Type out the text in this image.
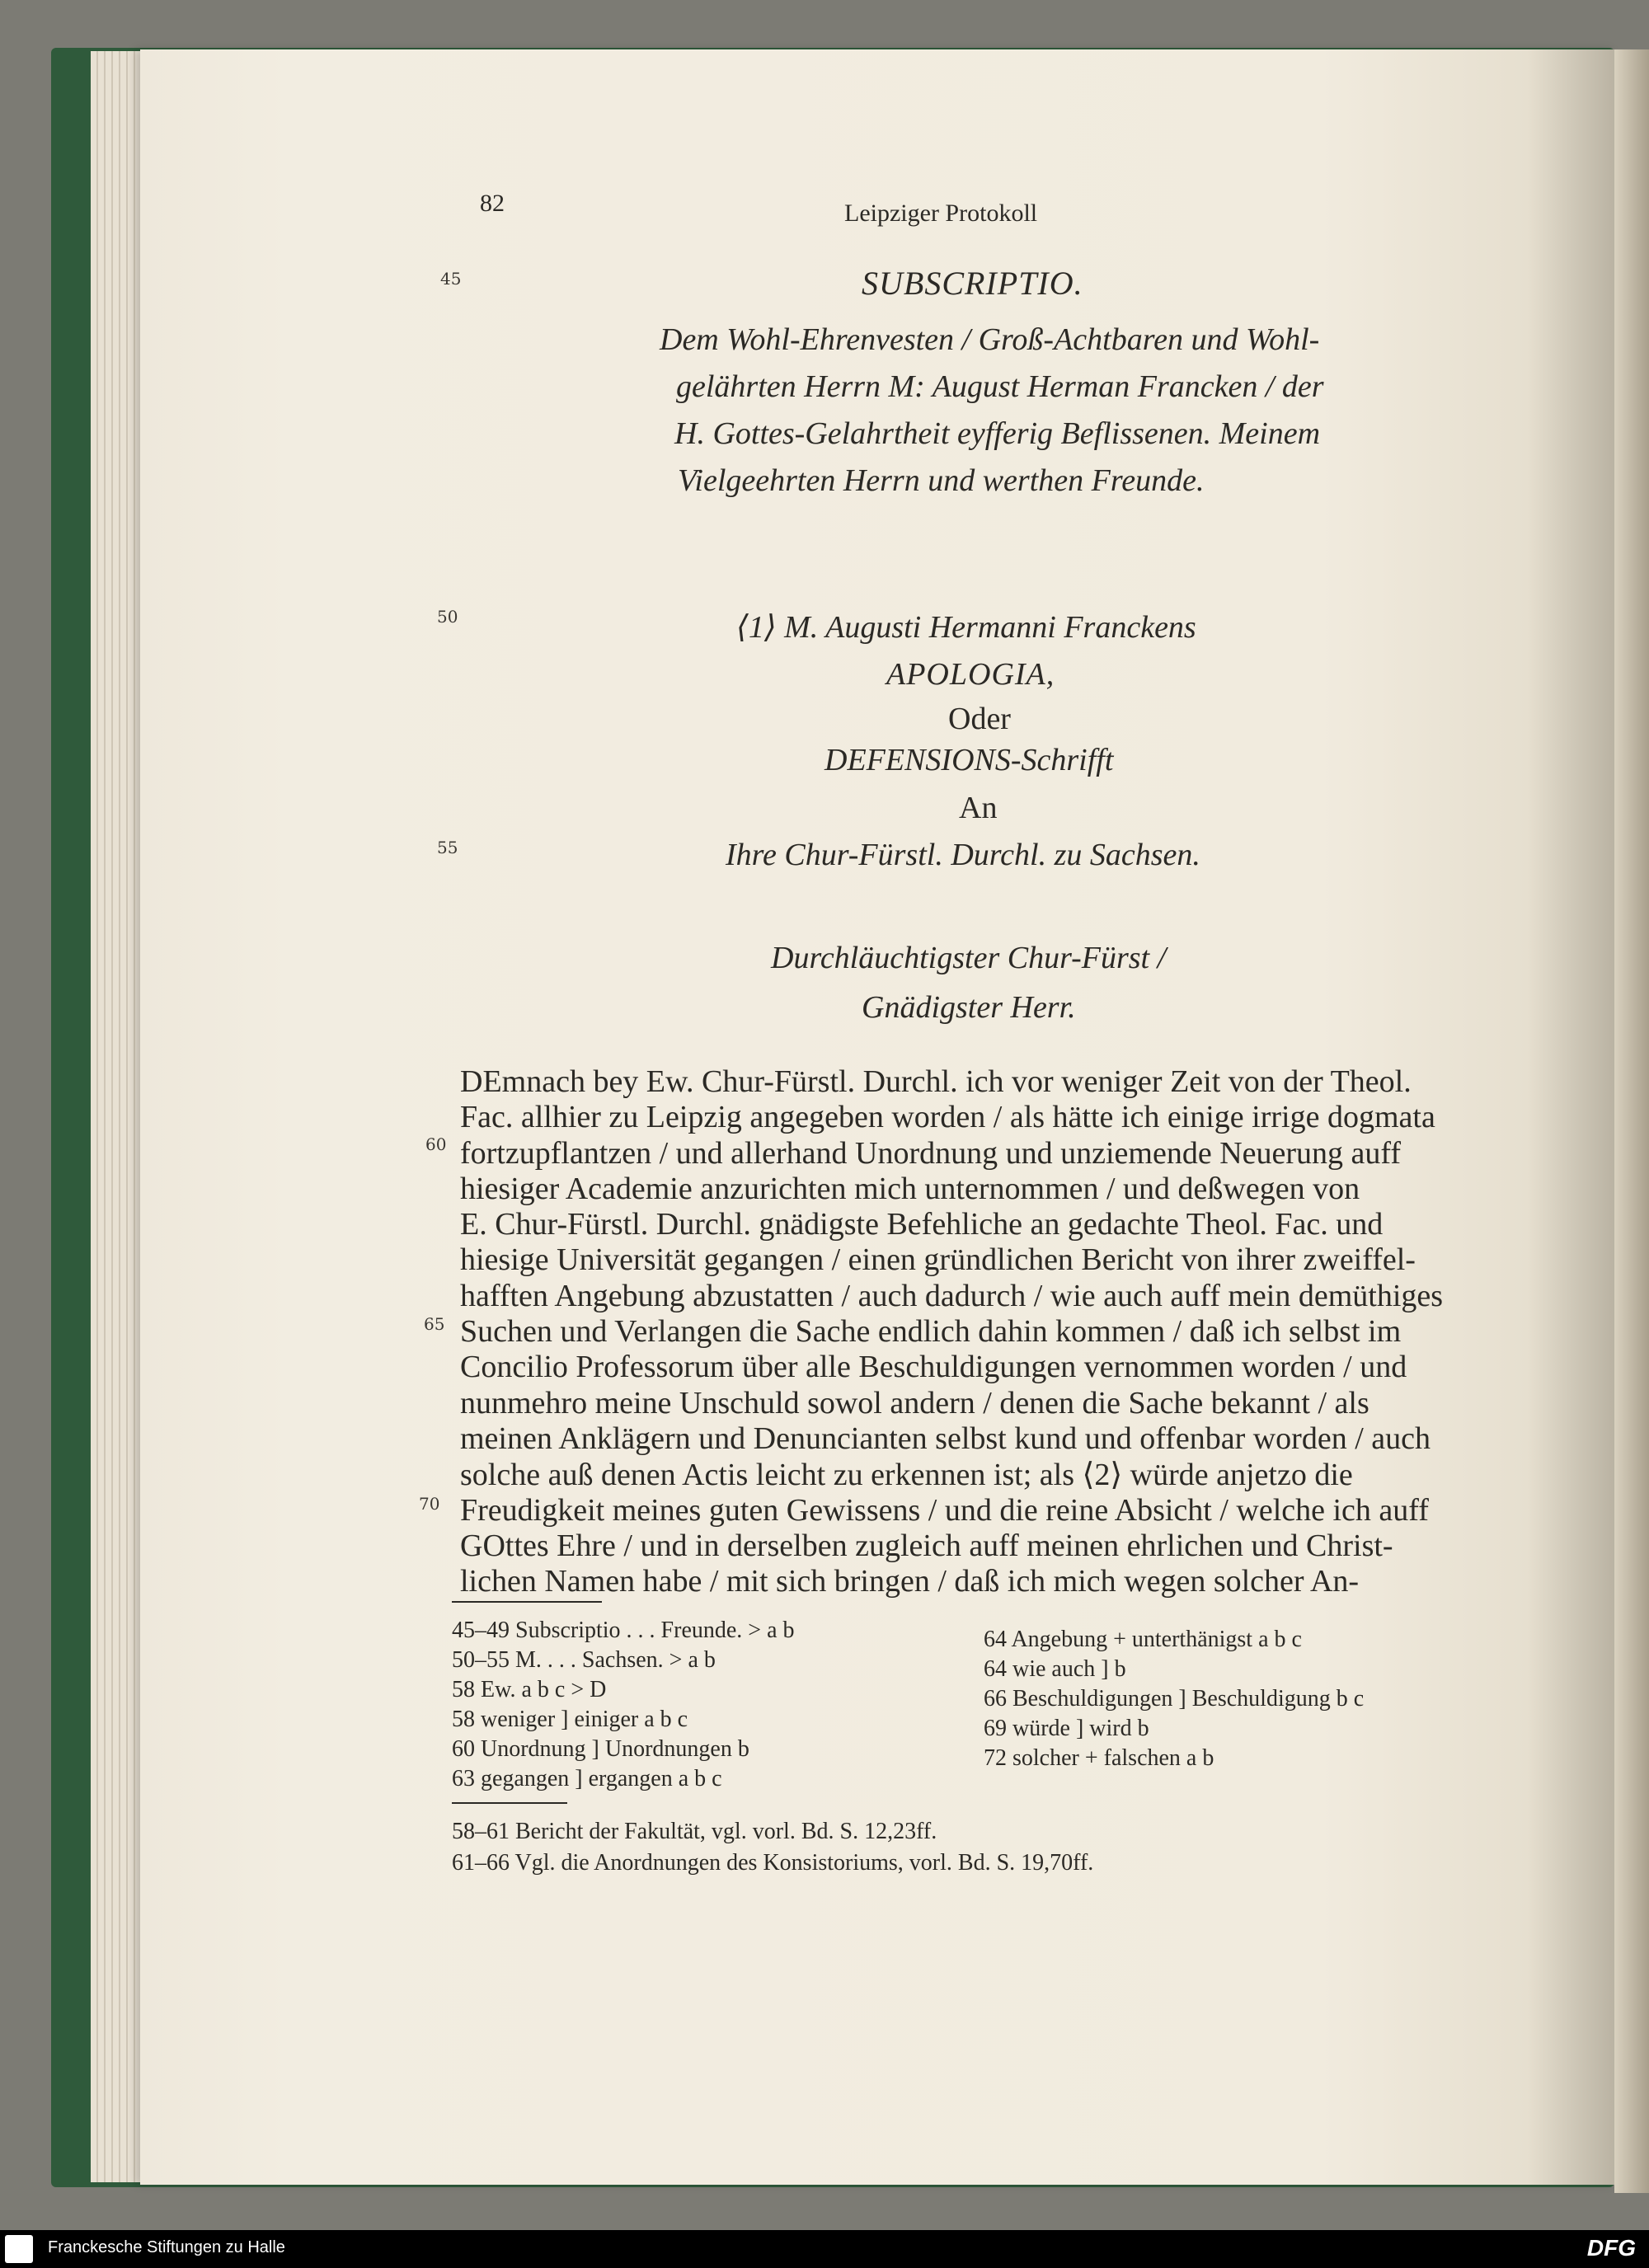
82	Leipziger Protokoll
45
50
55
60
65
70
SUBSCRIPTIO.
Dem Wohl-Ehrenvesten / Groß-Achtbaren und Wohl-
gelährten Herrn M: August Herman Francken / der
H. Gottes-Gelahrtheit eyfferig Beflissenen. Meinem
Vielgeehrten Herrn und werthen Freunde.
⟨1⟩ M. Augusti Hermanni Franckens
APOLOGIA,
Oder
DEFENSIONS-Schrifft
An
Ihre Chur-Fürstl. Durchl. zu Sachsen.
Durchläuchtigster Chur-Fürst /
Gnädigster Herr.
DEmnach bey Ew. Chur-Fürstl. Durchl. ich vor weniger Zeit von der Theol.
Fac. allhier zu Leipzig angegeben worden / als hätte ich einige irrige dogmata
fortzupflantzen / und allerhand Unordnung und unziemende Neuerung auff
hiesiger Academie anzurichten mich unternommen / und deßwegen von
E. Chur-Fürstl. Durchl. gnädigste Befehliche an gedachte Theol. Fac. und
hiesige Universität gegangen / einen gründlichen Bericht von ihrer zweiffel-
hafften Angebung abzustatten / auch dadurch / wie auch auff mein demüthiges
Suchen und Verlangen die Sache endlich dahin kommen / daß ich selbst im
Concilio Professorum über alle Beschuldigungen vernommen worden / und
nunmehro meine Unschuld sowol andern / denen die Sache bekannt / als
meinen Anklägern und Denuncianten selbst kund und offenbar worden / auch
solche auß denen Actis leicht zu erkennen ist; als ⟨2⟩ würde anjetzo die
Freudigkeit meines guten Gewissens / und die reine Absicht / welche ich auff
GOttes Ehre / und in derselben zugleich auff meinen ehrlichen und Christ-
lichen Namen habe / mit sich bringen / daß ich mich wegen solcher An-
45–49 Subscriptio . . . Freunde. > a b
50–55 M. . . . Sachsen. > a b
58 Ew. a b c > D
58 weniger ] einiger a b c
60 Unordnung ] Unordnungen b
63 gegangen ] ergangen a b c
64 Angebung + unterthänigst a b c
64 wie auch ] b
66 Beschuldigungen ] Beschuldigung b c
69 würde ] wird b
72 solcher + falschen a b
58–61 Bericht der Fakultät, vgl. vorl. Bd. S. 12,23ff.
61–66 Vgl. die Anordnungen des Konsistoriums, vorl. Bd. S. 19,70ff.
Franckesche Stiftungen zu Halle	DFG
